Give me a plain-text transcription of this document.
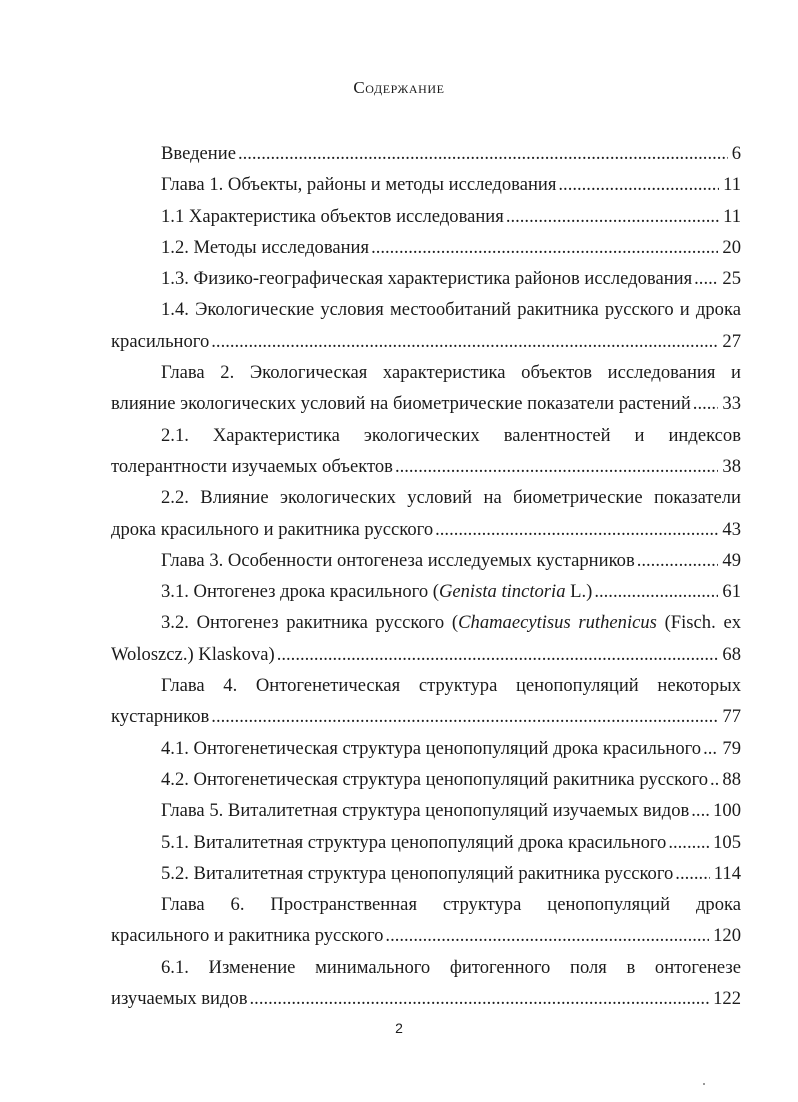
Содержание
Введение .....	6
Глава 1. Объекты, районы и методы исследования .....	11
1.1 Характеристика объектов исследования .....	11
1.2. Методы исследования .....	20
1.3. Физико-географическая характеристика районов исследования ..... 25
1.4. Экологические условия местообитаний ракитника русского и дрока
красильного .....	27
Глава 2. Экологическая характеристика объектов исследования и
влияние экологических условий на биометрические показатели растений ..... 33
2.1. Характеристика экологических валентностей и индексов
толерантности изучаемых объектов .....	38
2.2. Влияние экологических условий на биометрические показатели
дрока красильного и ракитника русского .....	43
Глава 3. Особенности онтогенеза исследуемых кустарников .....	49
3.1. Онтогенез дрока красильного (Genista tinctoria L.) .....	61
3.2. Онтогенез ракитника русского (Chamaecytisus ruthenicus (Fisch. ex
Woloszcz.) Klaskova) .....	68
Глава 4. Онтогенетическая структура ценопопуляций некоторых
кустарников .....	77
4.1. Онтогенетическая структура ценопопуляций дрока красильного ..... 79
4.2. Онтогенетическая структура ценопопуляций ракитника русского ..... 88
Глава 5. Виталитетная структура ценопопуляций изучаемых видов ..... 100
5.1. Виталитетная структура ценопопуляций дрока красильного .....	105
5.2. Виталитетная структура ценопопуляций ракитника русского ..... 114
Глава 6. Пространственная структура ценопопуляций дрока
красильного и ракитника русского .....	120
6.1. Изменение минимального фитогенного поля в онтогенезе
изучаемых видов .....	122
2
